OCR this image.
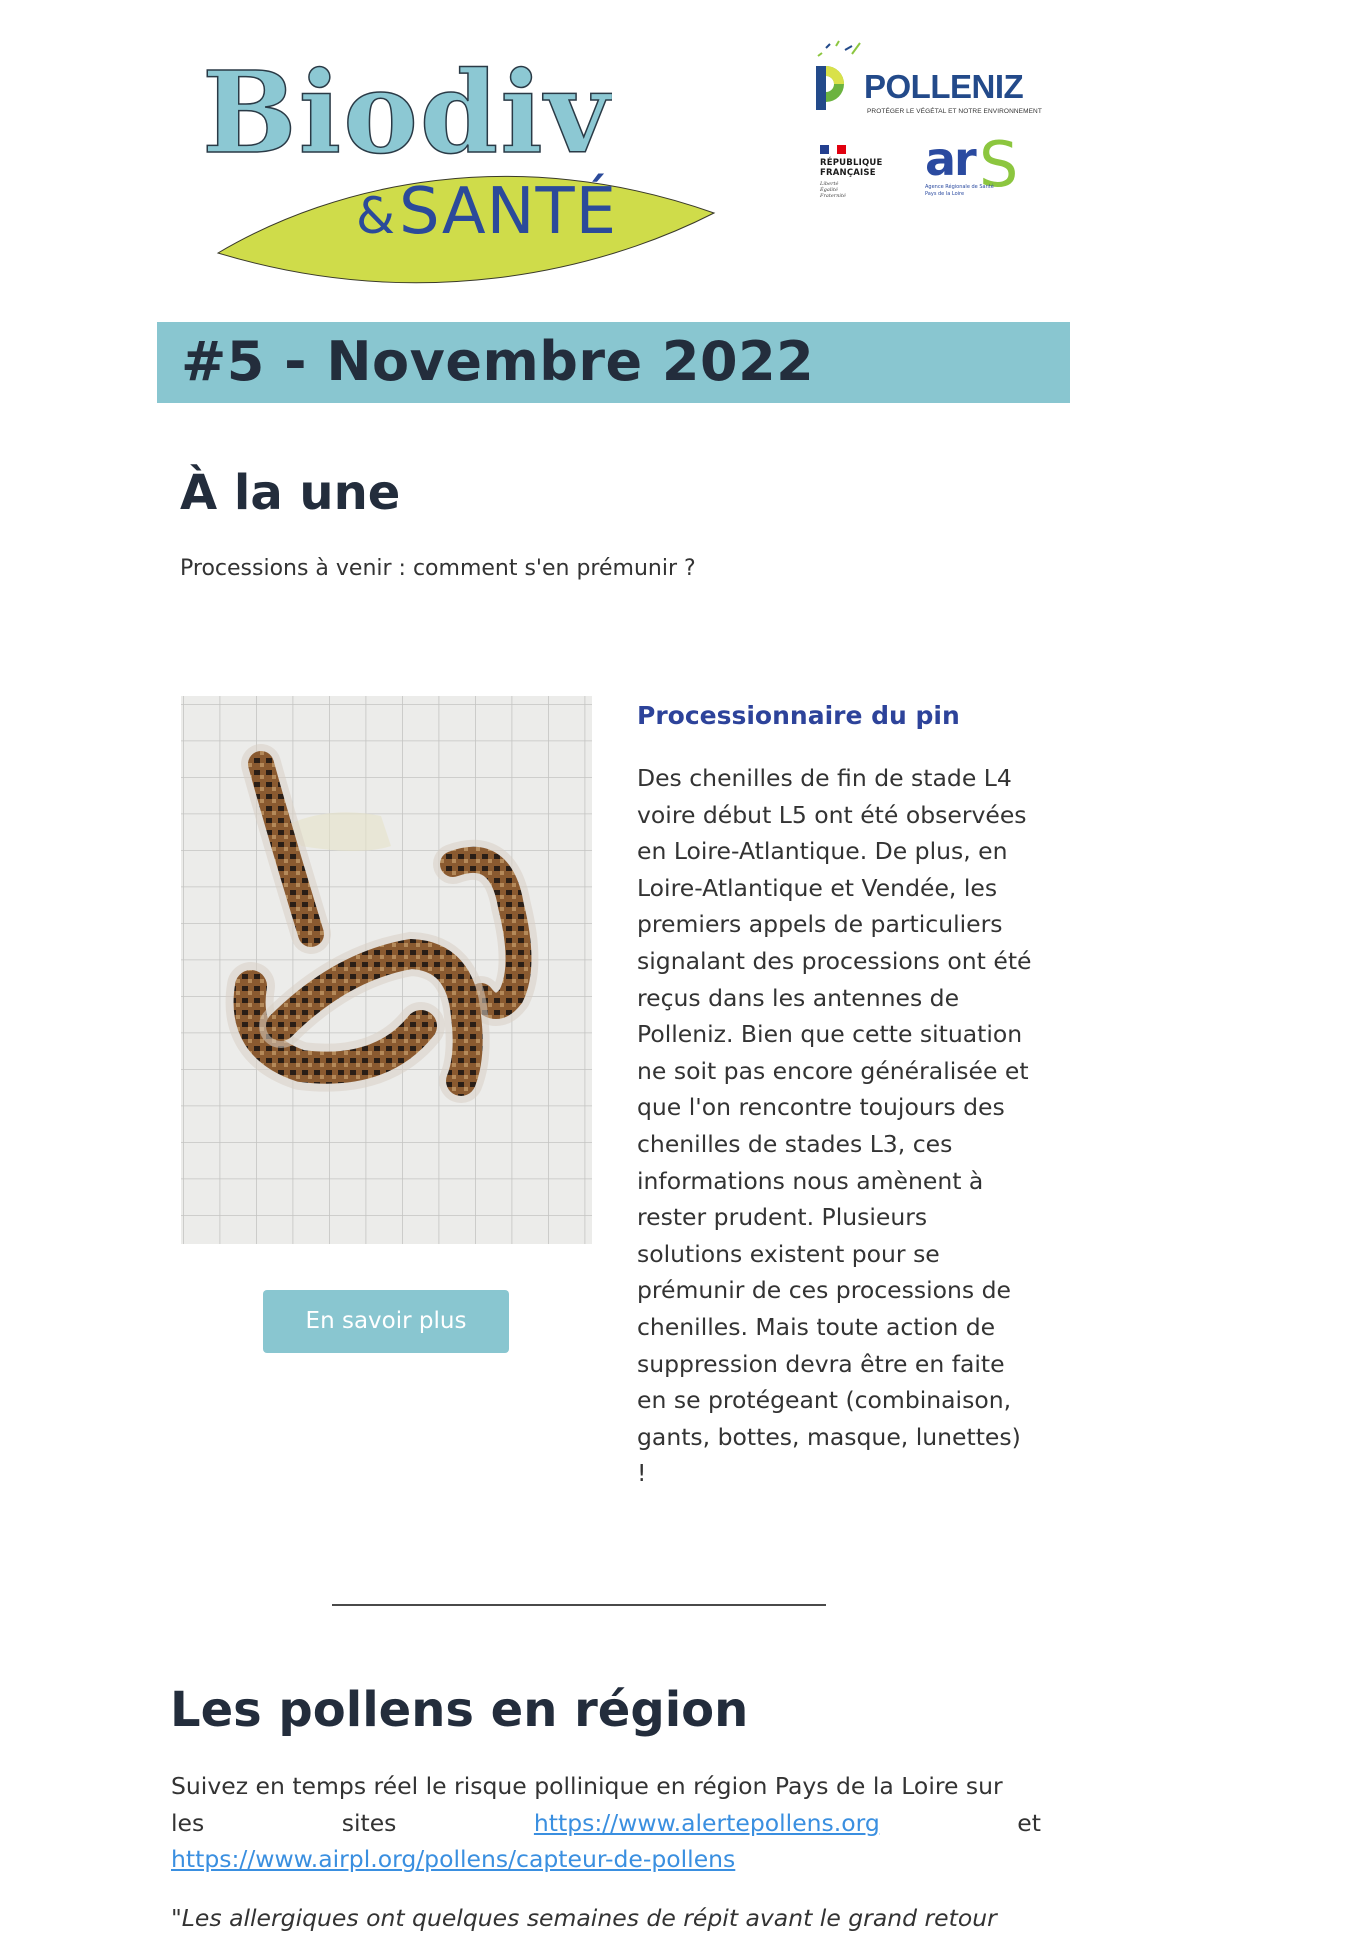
Biodiv
&SANTÉ
POLLENIZ
PROTÉGER LE VÉGÉTAL ET NOTRE ENVIRONNEMENT
RÉPUBLIQUE
FRANÇAISE
Liberté
Égalité
Fraternité
ar S
Agence Régionale de Santé
Pays de la Loire
#5 - Novembre 2022
À la une
Processions à venir : comment s'en prémunir ?
En savoir plus
Processionnaire du pin
Des chenilles de fin de stade L4
voire début L5 ont été observées
en Loire-Atlantique. De plus, en
Loire-Atlantique et Vendée, les
premiers appels de particuliers
signalant des processions ont été
reçus dans les antennes de
Polleniz. Bien que cette situation
ne soit pas encore généralisée et
que l'on rencontre toujours des
chenilles de stades L3, ces
informations nous amènent à
rester prudent. Plusieurs
solutions existent pour se
prémunir de ces processions de
chenilles. Mais toute action de
suppression devra être en faite
en se protégeant (combinaison,
gants, bottes, masque, lunettes)
!
Les pollens en région
Suivez en temps réel le risque pollinique en région Pays de la Loire sur
les	sites	https://www.alertepollens.org	et
https://www.airpl.org/pollens/capteur-de-pollens
"Les allergiques ont quelques semaines de répit avant le grand retour
